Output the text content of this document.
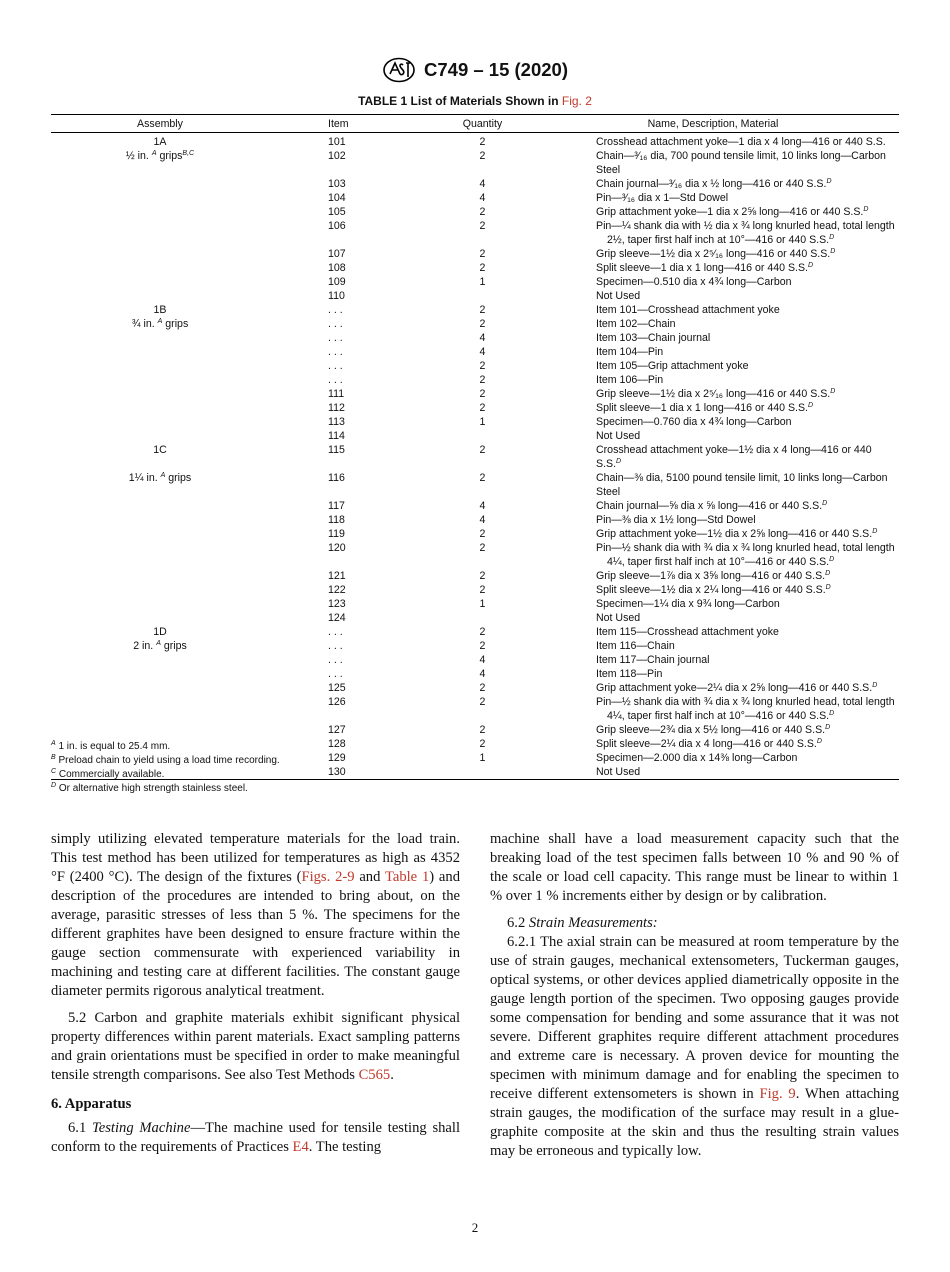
C749 – 15 (2020)
TABLE 1 List of Materials Shown in Fig. 2
Assembly	Item	Quantity	Name, Description, Material
1A	101	2	Crosshead attachment yoke—1 dia x 4 long—416 or 440 S.S.
½ in. $^A$ grips$^{B,C}$	102	2	Chain—³⁄₁₆ dia, 700 pound tensile limit, 10 links long—Carbon Steel
	103	4	Chain journal—³⁄₁₆ dia x ½ long—416 or 440 S.S.$^D$
	104	4	Pin—³⁄₁₆ dia x 1—Std Dowel
	105	2	Grip attachment yoke—1 dia x 2⅝ long—416 or 440 S.S.$^D$
	106	2	Pin—¼ shank dia with ½ dia x ¾ long knurled head, total length
			2½, taper first half inch at 10°—416 or 440 S.S.$^D$
	107	2	Grip sleeve—1½ dia x 2⁵⁄₁₆ long—416 or 440 S.S.$^D$
	108	2	Split sleeve—1 dia x 1 long—416 or 440 S.S.$^D$
	109	1	Specimen—0.510 dia x 4¾ long—Carbon
	110		Not Used
1B	. . .	2	Item 101—Crosshead attachment yoke
¾ in. $^A$ grips	. . .	2	Item 102—Chain
	. . .	4	Item 103—Chain journal
	. . .	4	Item 104—Pin
	. . .	2	Item 105—Grip attachment yoke
	. . .	2	Item 106—Pin
	111	2	Grip sleeve—1½ dia x 2⁵⁄₁₆ long—416 or 440 S.S.$^D$
	112	2	Split sleeve—1 dia x 1 long—416 or 440 S.S.$^D$
	113	1	Specimen—0.760 dia x 4¾ long—Carbon
	114		Not Used
1C	115	2	Crosshead attachment yoke—1½ dia x 4 long—416 or 440 S.S.$^D$
1¼ in. $^A$ grips	116	2	Chain—⅜ dia, 5100 pound tensile limit, 10 links long—Carbon Steel
	117	4	Chain journal—⅝ dia x ⅝ long—416 or 440 S.S.$^D$
	118	4	Pin—⅜ dia x 1½ long—Std Dowel
	119	2	Grip attachment yoke—1½ dia x 2⅝ long—416 or 440 S.S.$^D$
	120	2	Pin—½ shank dia with ¾ dia x ¾ long knurled head, total length
			4¼, taper first half inch at 10°—416 or 440 S.S.$^D$
	121	2	Grip sleeve—1⅞ dia x 3⅝ long—416 or 440 S.S.$^D$
	122	2	Split sleeve—1½ dia x 2¼ long—416 or 440 S.S.$^D$
	123	1	Specimen—1¼ dia x 9¾ long—Carbon
	124		Not Used
1D	. . .	2	Item 115—Crosshead attachment yoke
2 in. $^A$ grips	. . .	2	Item 116—Chain
	. . .	4	Item 117—Chain journal
	. . .	4	Item 118—Pin
	125	2	Grip attachment yoke—2¼ dia x 2⅝ long—416 or 440 S.S.$^D$
	126	2	Pin—½ shank dia with ¾ dia x ¾ long knurled head, total length
			4¼, taper first half inch at 10°—416 or 440 S.S.$^D$
	127	2	Grip sleeve—2¾ dia x 5½ long—416 or 440 S.S.$^D$
	128	2	Split sleeve—2¼ dia x 4 long—416 or 440 S.S.$^D$
	129	1	Specimen—2.000 dia x 14⅜ long—Carbon
	130		Not Used
$^A$ 1 in. is equal to 25.4 mm.
$^B$ Preload chain to yield using a load time recording.
$^C$ Commercially available.
$^D$ Or alternative high strength stainless steel.

simply utilizing elevated temperature materials for the load train. This test method has been utilized for temperatures as high as 4352 °F (2400 °C). The design of the fixtures (Figs. 2-9 and Table 1) and description of the procedures are intended to bring about, on the average, parasitic stresses of less than 5 %. The specimens for the different graphites have been designed to ensure fracture within the gauge section commensurate with experienced variability in machining and testing care at different facilities. The constant gauge diameter permits rigorous analytical treatment.

5.2 Carbon and graphite materials exhibit significant physical property differences within parent materials. Exact sampling patterns and grain orientations must be specified in order to make meaningful tensile strength comparisons. See also Test Methods C565.

6. Apparatus

6.1 Testing Machine—The machine used for tensile testing shall conform to the requirements of Practices E4. The testing

machine shall have a load measurement capacity such that the breaking load of the test specimen falls between 10 % and 90 % of the scale or load cell capacity. This range must be linear to within 1 % over 1 % increments either by design or by calibration.

6.2 Strain Measurements:

6.2.1 The axial strain can be measured at room temperature by the use of strain gauges, mechanical extensometers, Tuckerman gauges, optical systems, or other devices applied diametrically opposite in the gauge length portion of the specimen. Two opposing gauges provide some compensation for bending and some assurance that it was not severe. Different graphites require different attachment procedures and extreme care is necessary. A proven device for mounting the specimen with minimum damage and for enabling the specimen to receive different extensometers is shown in Fig. 9. When attaching strain gauges, the modification of the surface may result in a glue-graphite composite at the skin and thus the resulting strain values may be erroneous and typically low.

2
